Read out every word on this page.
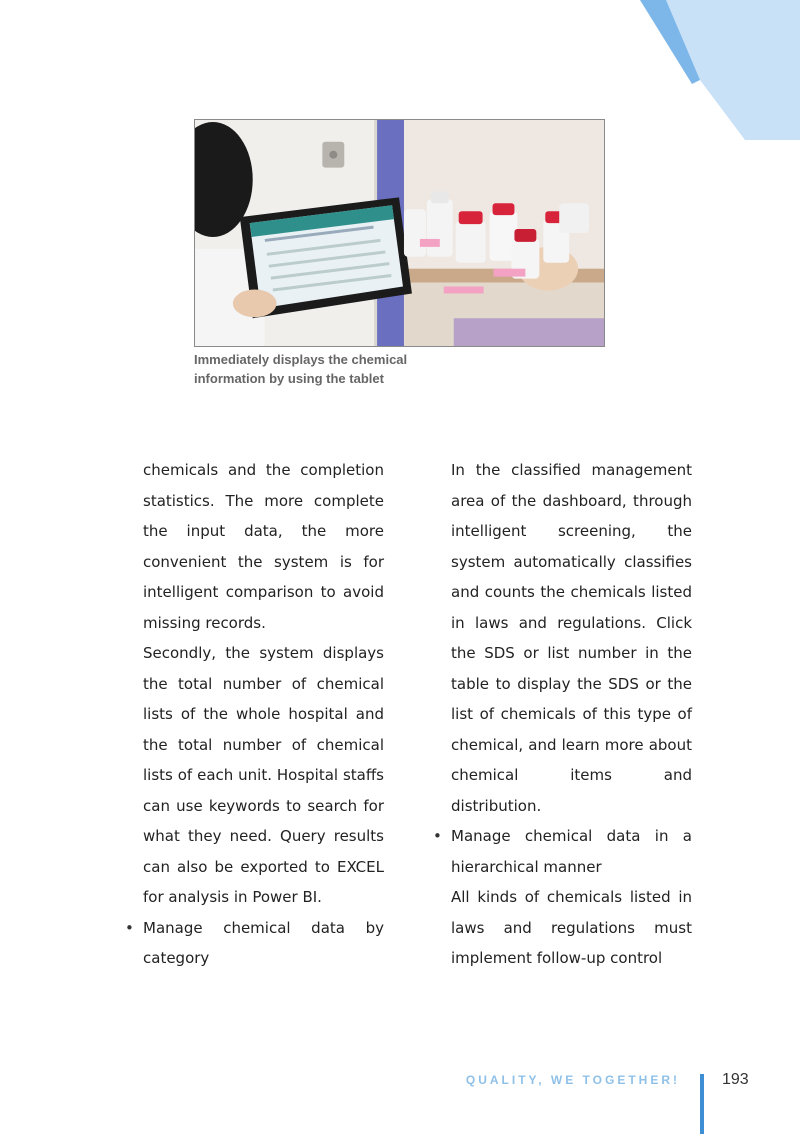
Immediately displays the chemical information by using the tablet

chemicals and the completion statistics. The more complete the input data, the more convenient the system is for intelligent comparison to avoid missing records.

Secondly, the system displays the total number of chemical lists of the whole hospital and the total number of chemical lists of each unit. Hospital staffs can use keywords to search for what they need. Query results can also be exported to EXCEL for analysis in Power BI.

• Manage chemical data by category

In the classified management area of the dashboard, through intelligent screening, the system automatically classifies and counts the chemicals listed in laws and regulations. Click the SDS or list number in the table to display the SDS or the list of chemicals of this type of chemical, and learn more about chemical items and distribution.

• Manage chemical data in a hierarchical manner

All kinds of chemicals listed in laws and regulations must implement follow-up control

QUALITY, WE TOGETHER!	193
